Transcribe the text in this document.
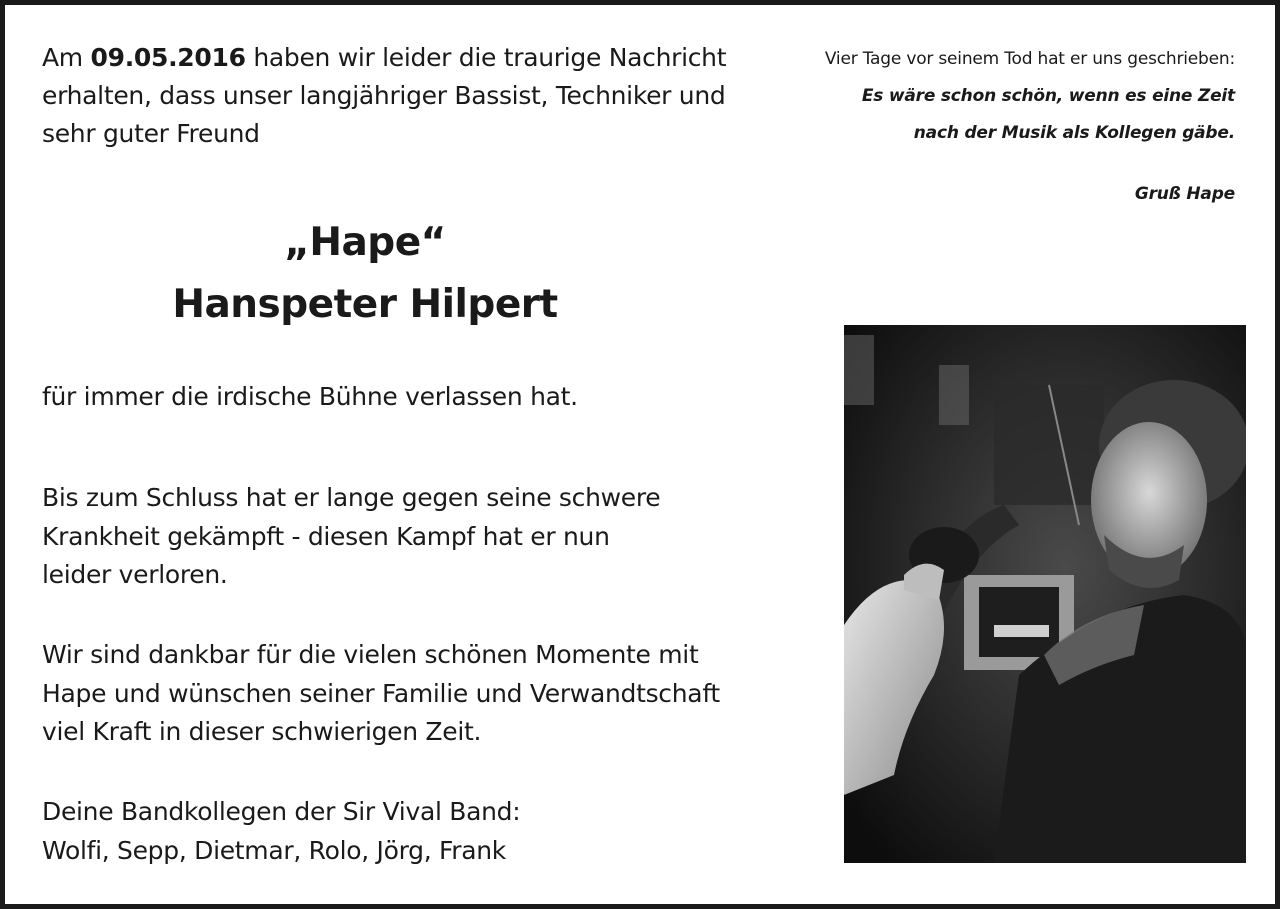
Am 09.05.2016 haben wir leider die traurige Nachricht
erhalten, dass unser langjähriger Bassist, Techniker und
sehr guter Freund
„Hape“
Hanspeter Hilpert
für immer die irdische Bühne verlassen hat.
Bis zum Schluss hat er lange gegen seine schwere
Krankheit gekämpft - diesen Kampf hat er nun
leider verloren.
Wir sind dankbar für die vielen schönen Momente mit
Hape und wünschen seiner Familie und Verwandtschaft
viel Kraft in dieser schwierigen Zeit.
Deine Bandkollegen der Sir Vival Band:
Wolfi, Sepp, Dietmar, Rolo, Jörg, Frank
Vier Tage vor seinem Tod hat er uns geschrieben:
Es wäre schon schön, wenn es eine Zeit
nach der Musik als Kollegen gäbe.
Gruß Hape
